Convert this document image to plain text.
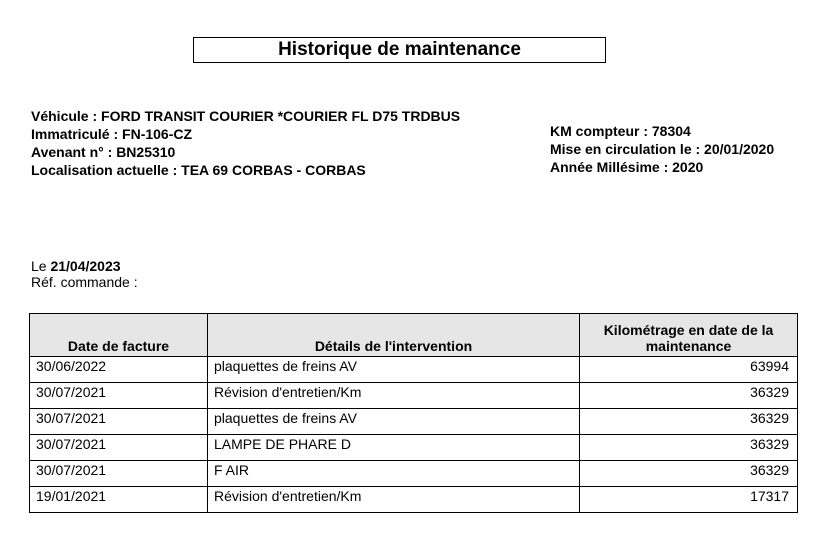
Historique de maintenance
Véhicule : FORD TRANSIT COURIER *COURIER FL D75 TRDBUS
Immatriculé : FN-106-CZ
Avenant n° : BN25310
Localisation actuelle : TEA 69 CORBAS - CORBAS
KM compteur : 78304
Mise en circulation le : 20/01/2020
Année Millésime : 2020
Le 21/04/2023
Réf. commande :
Date de facture	Détails de l'intervention	Kilométrage en date de la maintenance
30/06/2022	plaquettes de freins AV	63994
30/07/2021	Révision d'entretien/Km	36329
30/07/2021	plaquettes de freins AV	36329
30/07/2021	LAMPE DE PHARE D	36329
30/07/2021	F AIR	36329
19/01/2021	Révision d'entretien/Km	17317
